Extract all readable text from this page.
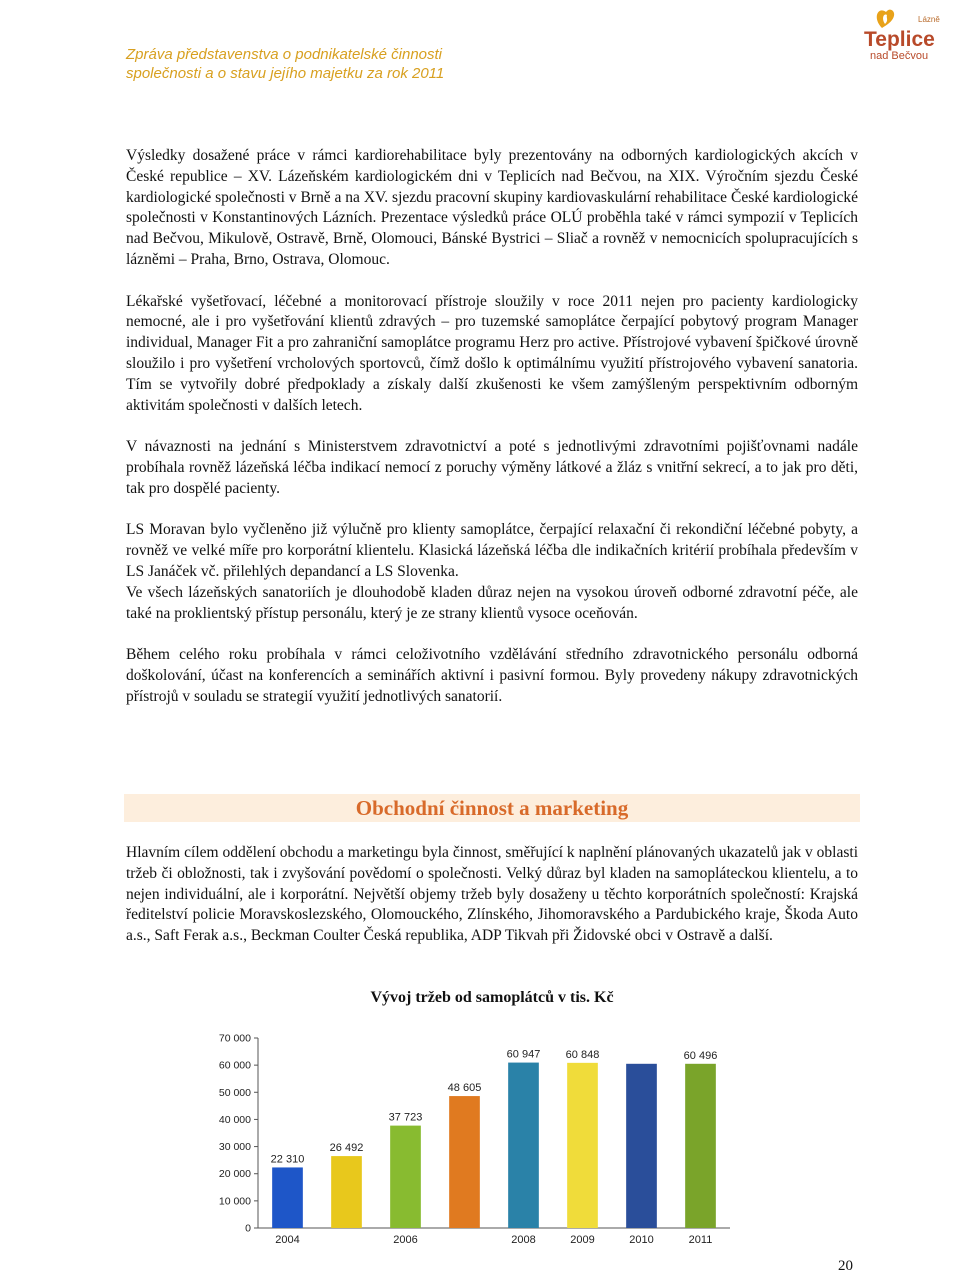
Zpráva představenstva o podnikatelské činnosti
společnosti a o stavu jejího majetku za rok 2011
Lázně
Teplice
nad Bečvou

Výsledky dosažené práce v rámci kardiorehabilitace byly prezentovány na odborných kardiologických akcích v České republice – XV. Lázeňském kardiologickém dni v Teplicích nad Bečvou, na XIX. Výročním sjezdu České kardiologické společnosti v Brně a na XV. sjezdu pracovní skupiny kardiovaskulární rehabilitace České kardiologické společnosti v Konstantinových Lázních. Prezentace výsledků práce OLÚ proběhla také v rámci sympozií v Teplicích nad Bečvou, Mikulově, Ostravě, Brně, Olomouci, Bánské Bystrici – Sliač a rovněž v nemocnicích spolupracujících s lázněmi – Praha, Brno, Ostrava, Olomouc.

Lékařské vyšetřovací, léčebné a monitorovací přístroje sloužily v roce 2011 nejen pro pacienty kardiologicky nemocné, ale i pro vyšetřování klientů zdravých – pro tuzemské samoplátce čerpající pobytový program Manager individual, Manager Fit a pro zahraniční samoplátce programu Herz pro active. Přístrojové vybavení špičkové úrovně sloužilo i pro vyšetření vrcholových sportovců, čímž došlo k optimálnímu využití přístrojového vybavení sanatoria. Tím se vytvořily dobré předpoklady a získaly další zkušenosti ke všem zamýšleným perspektivním odborným aktivitám společnosti v dalších letech.

V návaznosti na jednání s Ministerstvem zdravotnictví a poté s jednotlivými zdravotními pojišťovnami nadále probíhala rovněž lázeňská léčba indikací nemocí z poruchy výměny látkové a žláz s vnitřní sekrecí, a to jak pro děti, tak pro dospělé pacienty.

LS Moravan bylo vyčleněno již výlučně pro klienty samoplátce, čerpající relaxační či rekondiční léčebné pobyty, a rovněž ve velké míře pro korporátní klientelu. Klasická lázeňská léčba dle indikačních kritérií probíhala především v LS Janáček vč. přilehlých depandancí a LS Slovenka.

Ve všech lázeňských sanatoriích je dlouhodobě kladen důraz nejen na vysokou úroveň odborné zdravotní péče, ale také na proklientský přístup personálu, který je ze strany klientů vysoce oceňován.

Během celého roku probíhala v rámci celoživotního vzdělávání středního zdravotnického personálu odborná doškolování, účast na konferencích a seminářích aktivní i pasivní formou. Byly provedeny nákupy zdravotnických přístrojů v souladu se strategií využití jednotlivých sanatorií.

Obchodní činnost a marketing

Hlavním cílem oddělení obchodu a marketingu byla činnost, směřující k naplnění plánovaných ukazatelů jak v oblasti tržeb či obložnosti, tak i zvyšování povědomí o společnosti. Velký důraz byl kladen na samopláteckou klientelu, a to nejen individuální, ale i korporátní. Největší objemy tržeb byly dosaženy u těchto korporátních společností: Krajská ředitelství policie Moravskoslezského, Olomouckého, Zlínského, Jihomoravského a Pardubického kraje, Škoda Auto a.s., Saft Ferak a.s., Beckman Coulter Česká republika, ADP Tikvah při Židovské obci v Ostravě a další.

Vývoj tržeb od samoplátců v tis. Kč
0
10 000
20 000
30 000
40 000
50 000
60 000
70 000
22 310
2004
26 492
37 723
2006
48 605
60 947
2008
60 848
2009	2010
60 496
2011
20
